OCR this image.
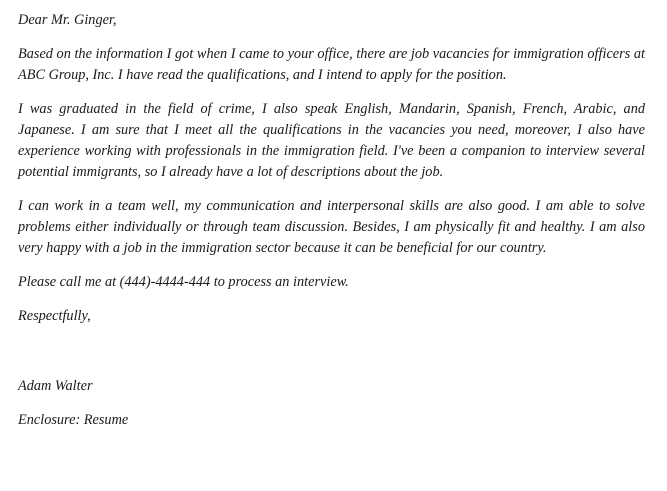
Dear Mr. Ginger,

Based on the information I got when I came to your office, there are job vacancies for immigration officers at ABC Group, Inc. I have read the qualifications, and I intend to apply for the position.

I was graduated in the field of crime, I also speak English, Mandarin, Spanish, French, Arabic, and Japanese. I am sure that I meet all the qualifications in the vacancies you need, moreover, I also have experience working with professionals in the immigration field. I've been a companion to interview several potential immigrants, so I already have a lot of descriptions about the job.

I can work in a team well, my communication and interpersonal skills are also good. I am able to solve problems either individually or through team discussion. Besides, I am physically fit and healthy. I am also very happy with a job in the immigration sector because it can be beneficial for our country.

Please call me at (444)-4444-444 to process an interview.

Respectfully,

Adam Walter

Enclosure: Resume
